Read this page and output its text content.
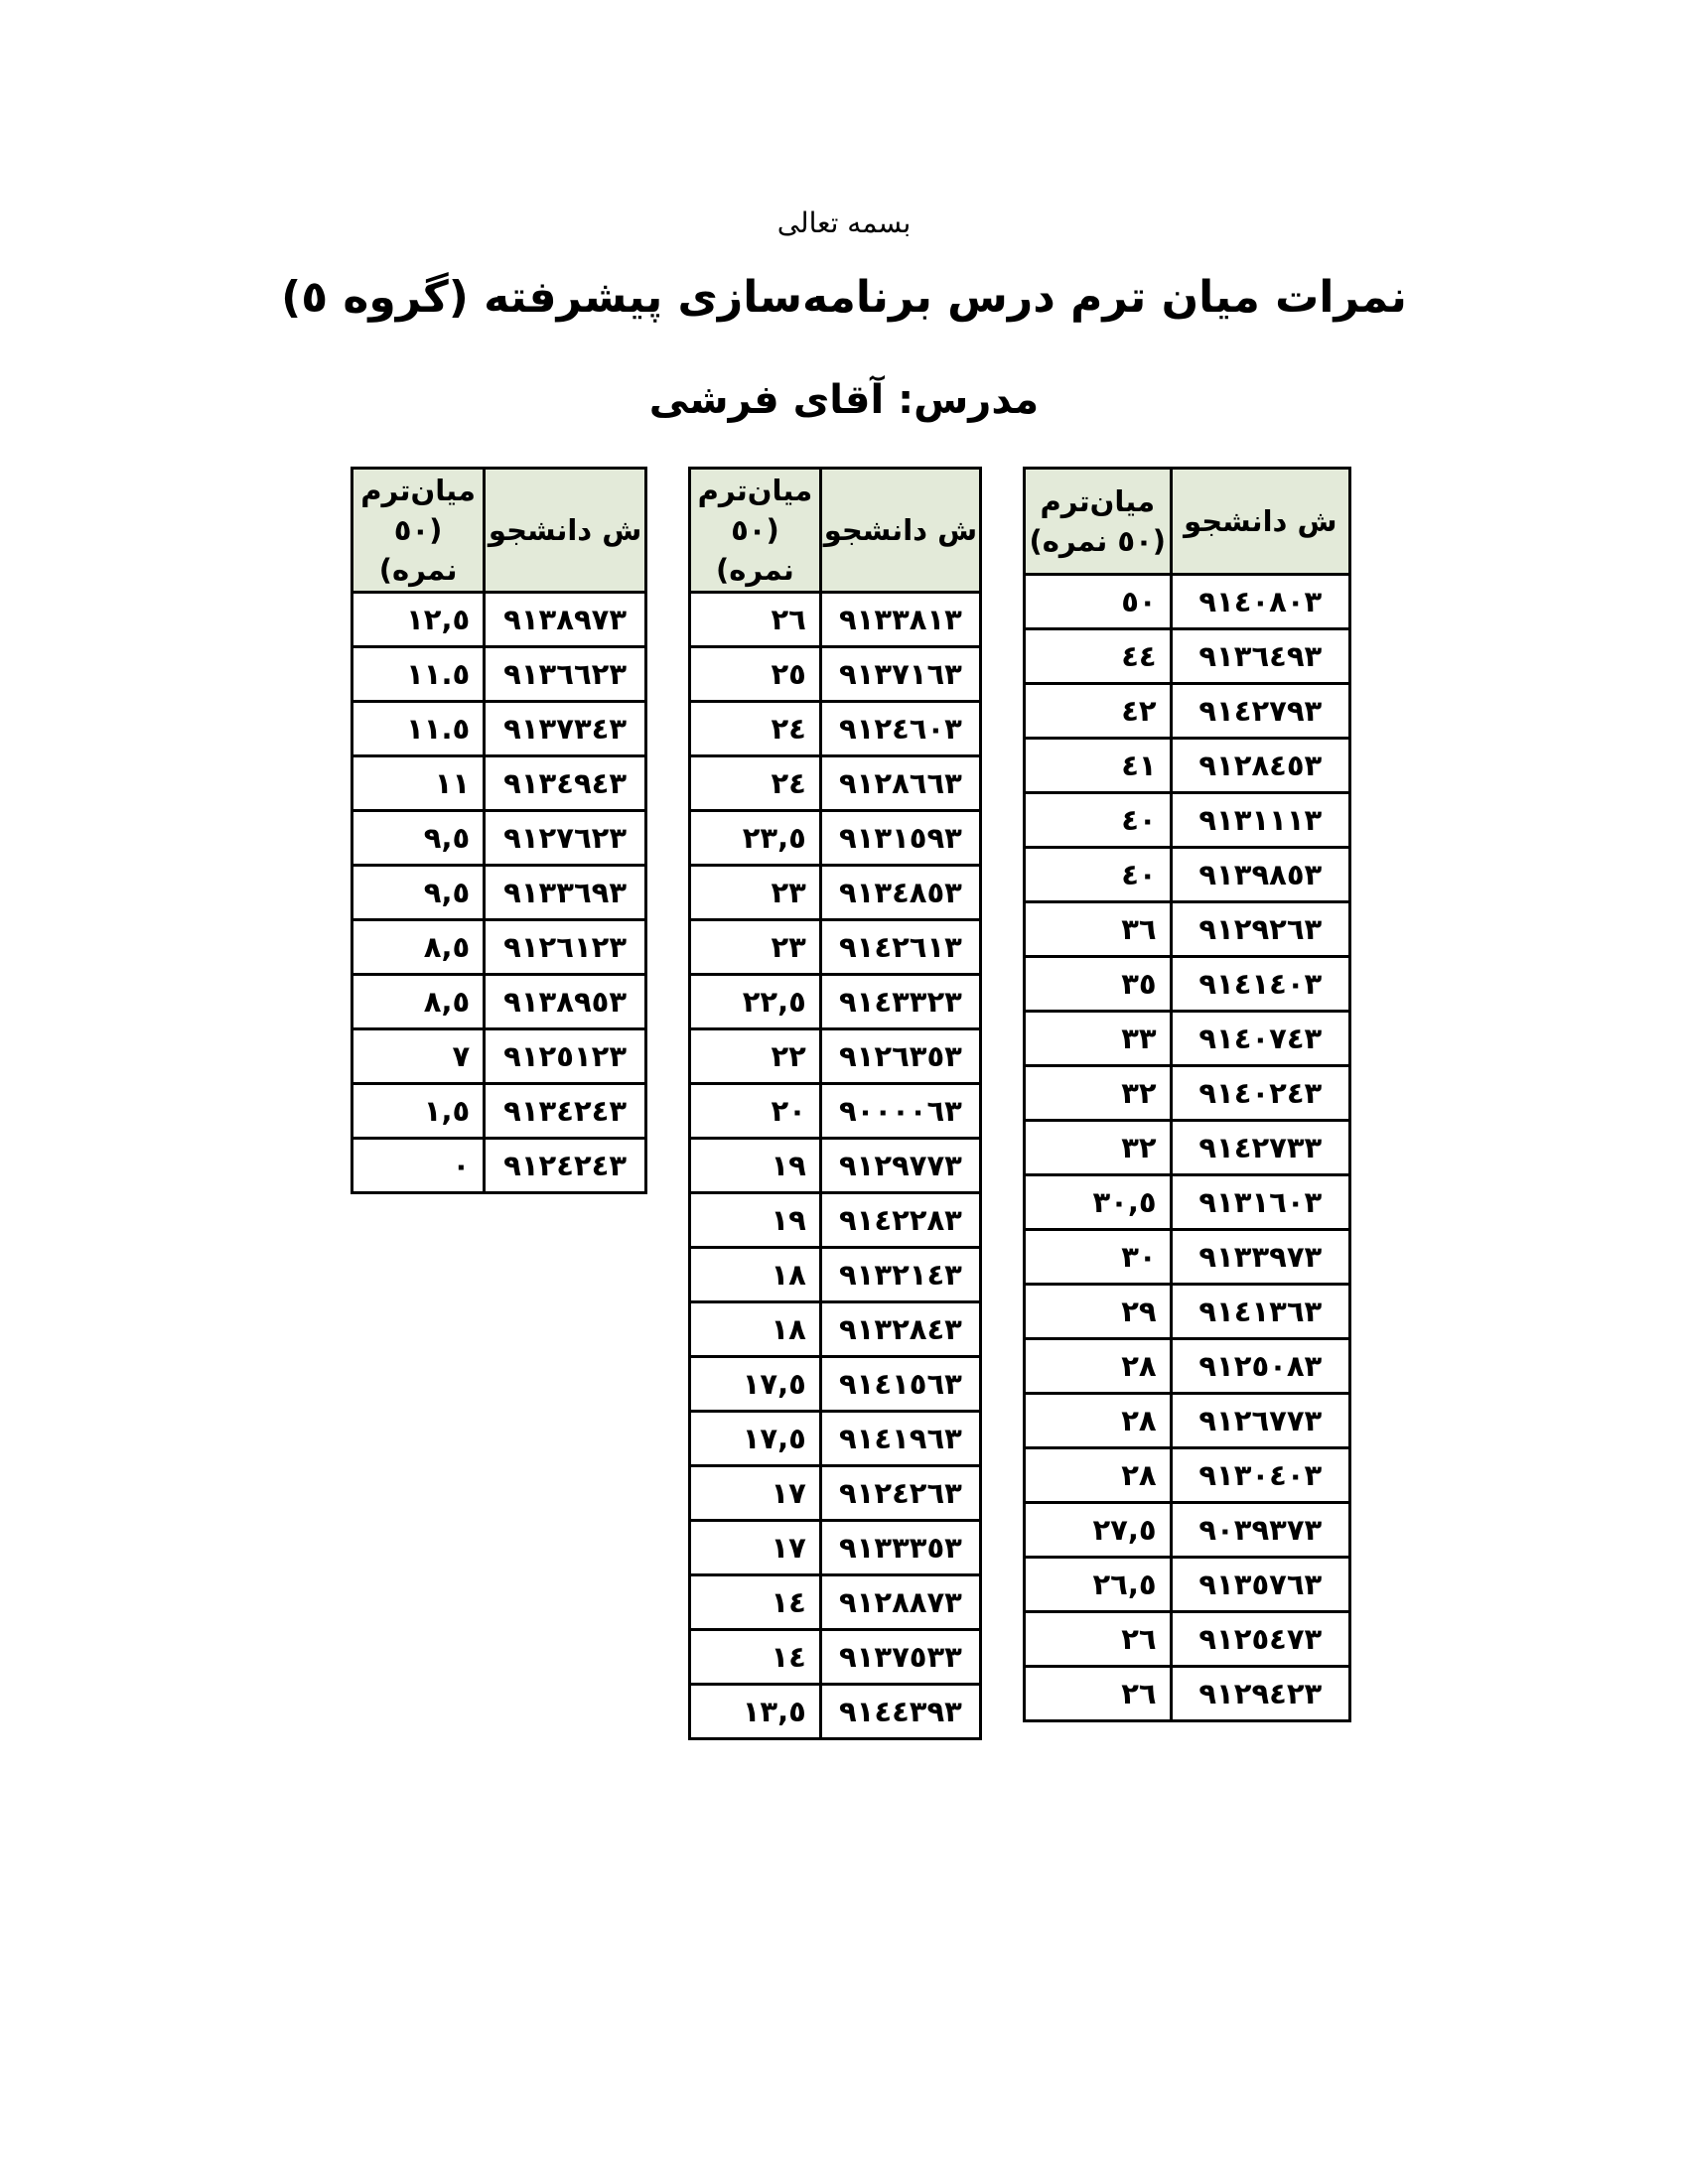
بسمه تعالی
نمرات میان ترم درس برنامه‌سازی پیشرفته (گروه ٥)
مدرس: آقای فرشی
ش دانشجو	میان‌ترم
(٥٠ نمره)

٩١٤٠٨٠٣	٥٠
٩١٣٦٤٩٣	٤٤
٩١٤٢٧٩٣	٤٢
٩١٢٨٤٥٣	٤١
٩١٣١١١٣	٤٠
٩١٣٩٨٥٣	٤٠
٩١٢٩٢٦٣	٣٦
٩١٤١٤٠٣	٣٥
٩١٤٠٧٤٣	٣٣
٩١٤٠٢٤٣	٣٢
٩١٤٢٧٣٣	٣٢
٩١٣١٦٠٣	٣٠,٥
٩١٣٣٩٧٣	٣٠
٩١٤١٣٦٣	٢٩
٩١٢٥٠٨٣	٢٨
٩١٢٦٧٧٣	٢٨
٩١٣٠٤٠٣	٢٨
٩٠٣٩٣٧٣	٢٧,٥
٩١٣٥٧٦٣	٢٦,٥
٩١٢٥٤٧٣	٢٦
٩١٢٩٤٢٣	٢٦
ش دانشجو	میان‌ترم
(٥٠ نمره)

٩١٣٣٨١٣	٢٦
٩١٣٧١٦٣	٢٥
٩١٢٤٦٠٣	٢٤
٩١٢٨٦٦٣	٢٤
٩١٣١٥٩٣	٢٣,٥
٩١٣٤٨٥٣	٢٣
٩١٤٢٦١٣	٢٣
٩١٤٣٣٢٣	٢٢,٥
٩١٢٦٣٥٣	٢٢
٩٠٠٠٠٦٣	٢٠
٩١٢٩٧٧٣	١٩
٩١٤٢٢٨٣	١٩
٩١٣٢١٤٣	١٨
٩١٣٢٨٤٣	١٨
٩١٤١٥٦٣	١٧,٥
٩١٤١٩٦٣	١٧,٥
٩١٢٤٢٦٣	١٧
٩١٣٣٣٥٣	١٧
٩١٢٨٨٧٣	١٤
٩١٣٧٥٣٣	١٤
٩١٤٤٣٩٣	١٣,٥
ش دانشجو	میان‌ترم
(٥٠ نمره)

٩١٣٨٩٧٣	١٢,٥
٩١٣٦٦٢٣	١١.٥
٩١٣٧٣٤٣	١١.٥
٩١٣٤٩٤٣	١١
٩١٢٧٦٢٣	٩,٥
٩١٣٣٦٩٣	٩,٥
٩١٢٦١٢٣	٨,٥
٩١٣٨٩٥٣	٨,٥
٩١٢٥١٢٣	٧
٩١٣٤٢٤٣	١,٥
٩١٢٤٢٤٣	٠
